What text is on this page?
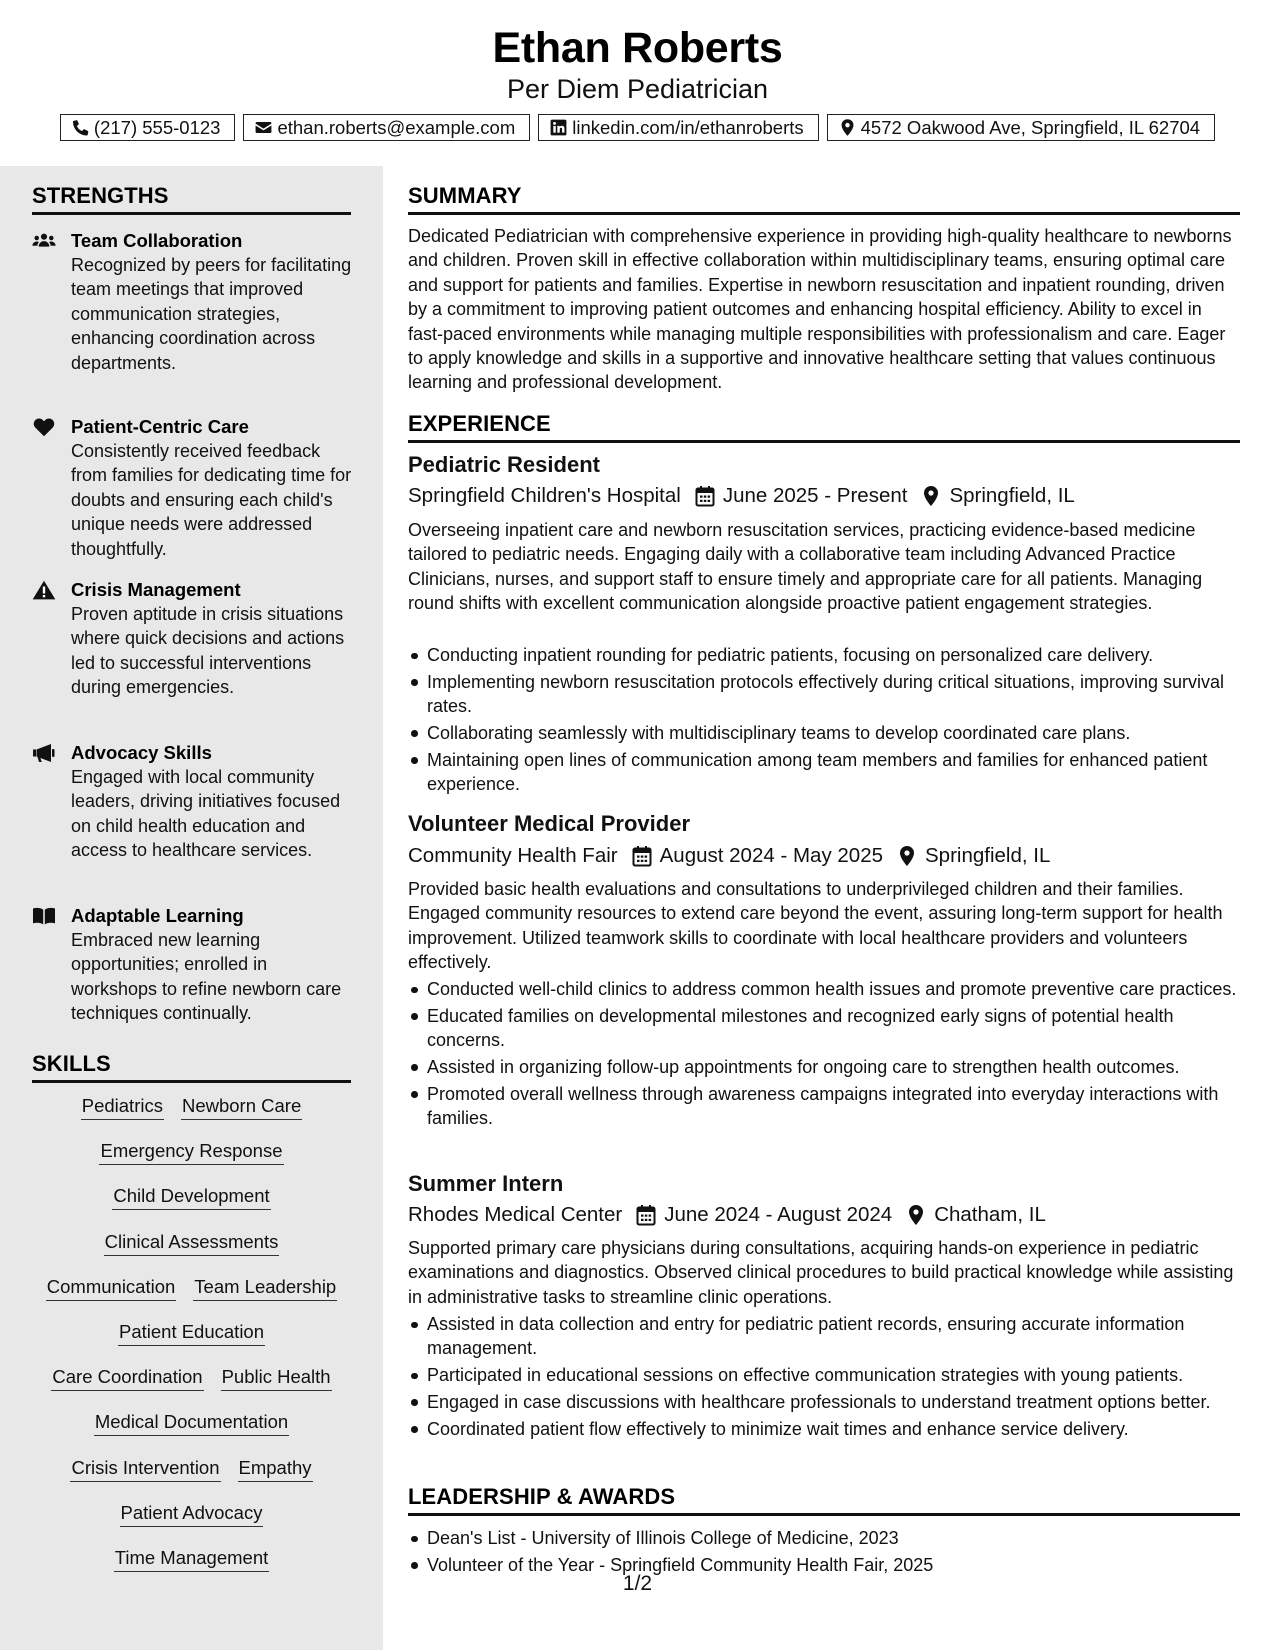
Ethan Roberts
Per Diem Pediatrician
(217) 555-0123	ethan.roberts@example.com	linkedin.com/in/ethanroberts	4572 Oakwood Ave, Springfield, IL 62704
STRENGTHS
Team Collaboration
Recognized by peers for facilitating team meetings that improved communication strategies, enhancing coordination across departments.
Patient-Centric Care
Consistently received feedback from families for dedicating time for doubts and ensuring each child's unique needs were addressed thoughtfully.
Crisis Management
Proven aptitude in crisis situations where quick decisions and actions led to successful interventions during emergencies.
Advocacy Skills
Engaged with local community leaders, driving initiatives focused on child health education and access to healthcare services.
Adaptable Learning
Embraced new learning opportunities; enrolled in workshops to refine newborn care techniques continually.
SKILLS
Pediatrics Newborn Care
Emergency Response
Child Development
Clinical Assessments
Communication Team Leadership
Patient Education
Care Coordination Public Health
Medical Documentation
Crisis Intervention Empathy
Patient Advocacy
Time Management
SUMMARY
Dedicated Pediatrician with comprehensive experience in providing high-quality healthcare to newborns and children. Proven skill in effective collaboration within multidisciplinary teams, ensuring optimal care and support for patients and families. Expertise in newborn resuscitation and inpatient rounding, driven by a commitment to improving patient outcomes and enhancing hospital efficiency. Ability to excel in fast-paced environments while managing multiple responsibilities with professionalism and care. Eager to apply knowledge and skills in a supportive and innovative healthcare setting that values continuous learning and professional development.
EXPERIENCE
Pediatric Resident
Springfield Children's Hospital June 2025 - Present Springfield, IL
Overseeing inpatient care and newborn resuscitation services, practicing evidence-based medicine tailored to pediatric needs. Engaging daily with a collaborative team including Advanced Practice Clinicians, nurses, and support staff to ensure timely and appropriate care for all patients. Managing round shifts with excellent communication alongside proactive patient engagement strategies.
Conducting inpatient rounding for pediatric patients, focusing on personalized care delivery.
Implementing newborn resuscitation protocols effectively during critical situations, improving survival rates.
Collaborating seamlessly with multidisciplinary teams to develop coordinated care plans.
Maintaining open lines of communication among team members and families for enhanced patient experience.
Volunteer Medical Provider
Community Health Fair August 2024 - May 2025 Springfield, IL
Provided basic health evaluations and consultations to underprivileged children and their families. Engaged community resources to extend care beyond the event, assuring long-term support for health improvement. Utilized teamwork skills to coordinate with local healthcare providers and volunteers effectively.
Conducted well-child clinics to address common health issues and promote preventive care practices.
Educated families on developmental milestones and recognized early signs of potential health concerns.
Assisted in organizing follow-up appointments for ongoing care to strengthen health outcomes.
Promoted overall wellness through awareness campaigns integrated into everyday interactions with families.
Summer Intern
Rhodes Medical Center June 2024 - August 2024 Chatham, IL
Supported primary care physicians during consultations, acquiring hands-on experience in pediatric examinations and diagnostics. Observed clinical procedures to build practical knowledge while assisting in administrative tasks to streamline clinic operations.
Assisted in data collection and entry for pediatric patient records, ensuring accurate information management.
Participated in educational sessions on effective communication strategies with young patients.
Engaged in case discussions with healthcare professionals to understand treatment options better.
Coordinated patient flow effectively to minimize wait times and enhance service delivery.
LEADERSHIP & AWARDS
Dean's List - University of Illinois College of Medicine, 2023
Volunteer of the Year - Springfield Community Health Fair, 2025
1/2
